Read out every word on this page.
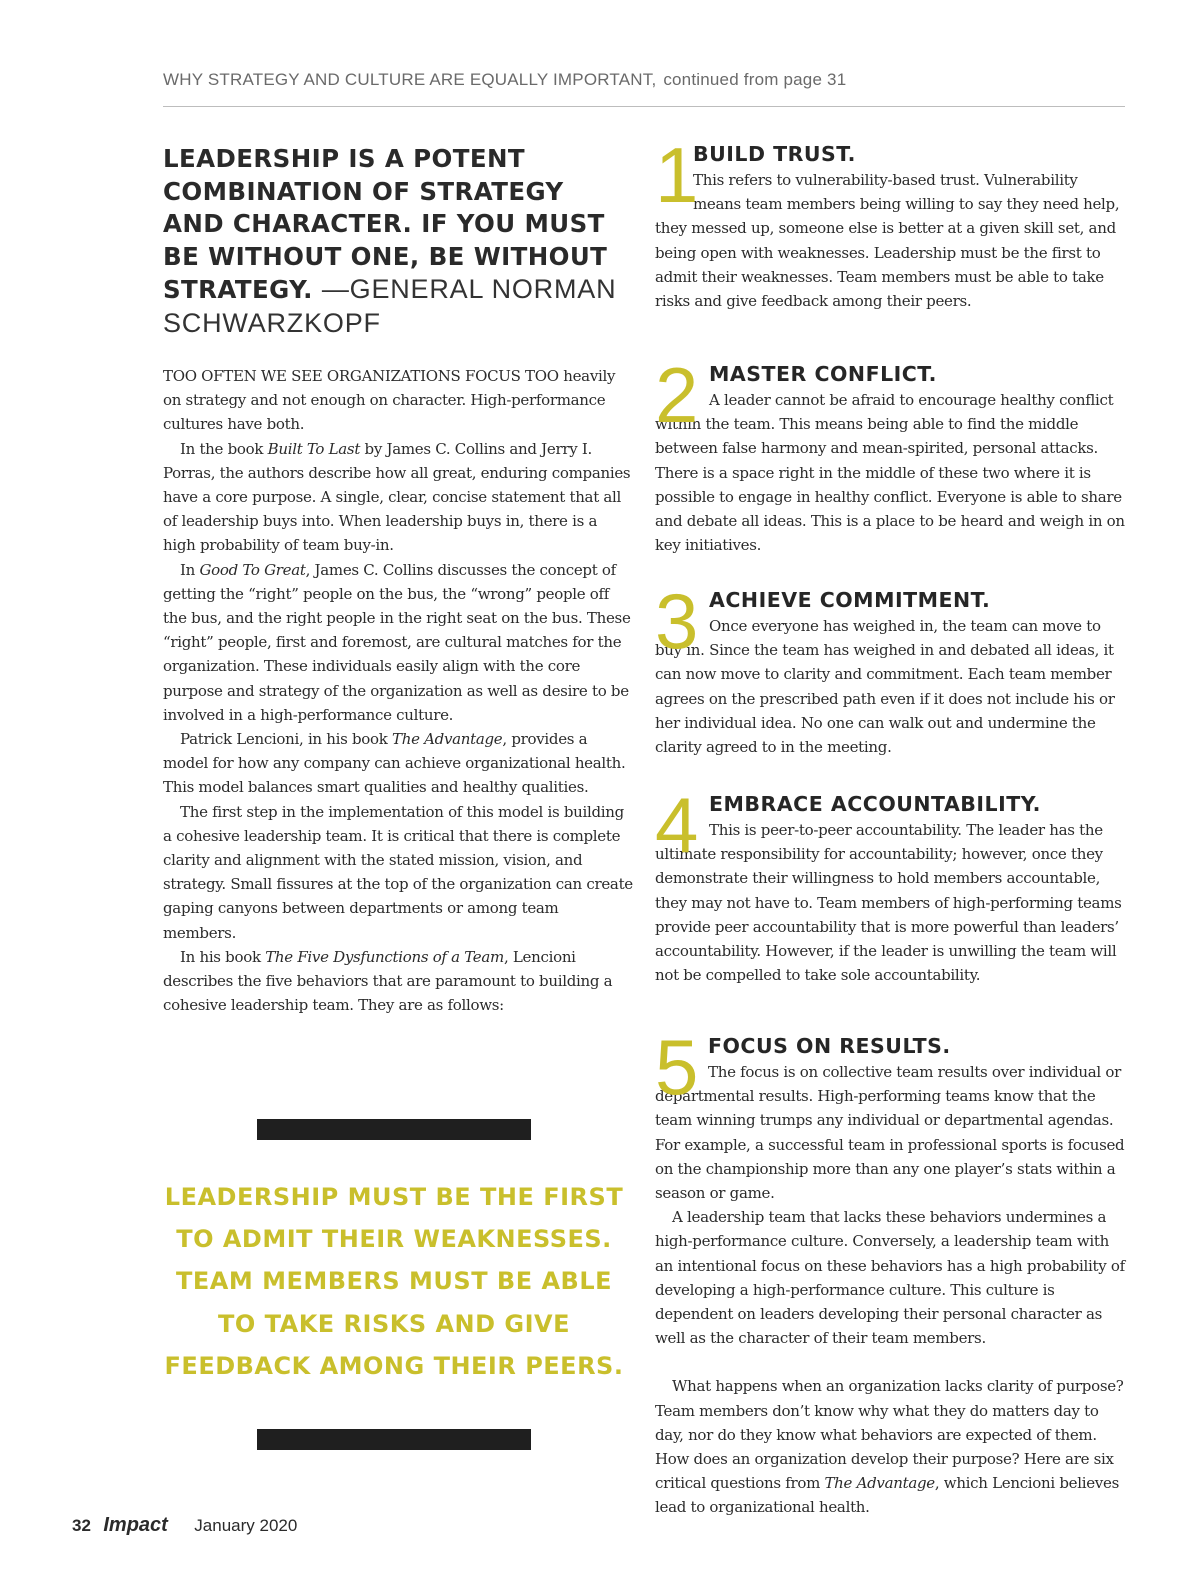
WHY STRATEGY AND CULTURE ARE EQUALLY IMPORTANT, continued from page 31

LEADERSHIP IS A POTENT COMBINATION OF STRATEGY AND CHARACTER. IF YOU MUST BE WITHOUT ONE, BE WITHOUT STRATEGY. —GENERAL NORMAN SCHWARZKOPF

TOO OFTEN WE SEE ORGANIZATIONS FOCUS TOO heavily on strategy and not enough on character. High-performance cultures have both.

In the book Built To Last by James C. Collins and Jerry I. Porras, the authors describe how all great, enduring companies have a core purpose. A single, clear, concise statement that all of leadership buys into. When leadership buys in, there is a high probability of team buy-in.

In Good To Great, James C. Collins discusses the concept of getting the “right” people on the bus, the “wrong” people off the bus, and the right people in the right seat on the bus. These “right” people, first and foremost, are cultural matches for the organization. These individuals easily align with the core purpose and strategy of the organization as well as desire to be involved in a high-performance culture.

Patrick Lencioni, in his book The Advantage, provides a model for how any company can achieve organizational health. This model balances smart qualities and healthy qualities.

The first step in the implementation of this model is building a cohesive leadership team. It is critical that there is complete clarity and alignment with the stated mission, vision, and strategy. Small fissures at the top of the organization can create gaping canyons between departments or among team members.

In his book The Five Dysfunctions of a Team, Lencioni describes the five behaviors that are paramount to building a cohesive leadership team. They are as follows:

LEADERSHIP MUST BE THE FIRST TO ADMIT THEIR WEAKNESSES. TEAM MEMBERS MUST BE ABLE TO TAKE RISKS AND GIVE FEEDBACK AMONG THEIR PEERS.

1
BUILD TRUST.

This refers to vulnerability-based trust. Vulnerability means team members being willing to say they need help, they messed up, someone else is better at a given skill set, and being open with weaknesses. Leadership must be the first to admit their weaknesses. Team members must be able to take risks and give feedback among their peers.

2 MASTER CONFLICT.

A leader cannot be afraid to encourage healthy conflict within the team. This means being able to find the middle between false harmony and mean-spirited, personal attacks. There is a space right in the middle of these two where it is possible to engage in healthy conflict. Everyone is able to share and debate all ideas. This is a place to be heard and weigh in on key initiatives.

3 ACHIEVE COMMITMENT.

Once everyone has weighed in, the team can move to buy in. Since the team has weighed in and debated all ideas, it can now move to clarity and commitment. Each team member agrees on the prescribed path even if it does not include his or her individual idea. No one can walk out and undermine the clarity agreed to in the meeting.

4 EMBRACE ACCOUNTABILITY.

This is peer-to-peer accountability. The leader has the ultimate responsibility for accountability; however, once they demonstrate their willingness to hold members accountable, they may not have to. Team members of high-performing teams provide peer accountability that is more powerful than leaders’ accountability. However, if the leader is unwilling the team will not be compelled to take sole accountability.

5 FOCUS ON RESULTS.

The focus is on collective team results over individual or departmental results. High-performing teams know that the team winning trumps any individual or departmental agendas. For example, a successful team in professional sports is focused on the championship more than any one player’s stats within a season or game.

A leadership team that lacks these behaviors undermines a high-performance culture. Conversely, a leadership team with an intentional focus on these behaviors has a high probability of developing a high-performance culture. This culture is dependent on leaders developing their personal character as well as the character of their team members.

What happens when an organization lacks clarity of purpose? Team members don’t know why what they do matters day to day, nor do they know what behaviors are expected of them. How does an organization develop their purpose? Here are six critical questions from The Advantage, which Lencioni believes lead to organizational health.

32 Impact January 2020
